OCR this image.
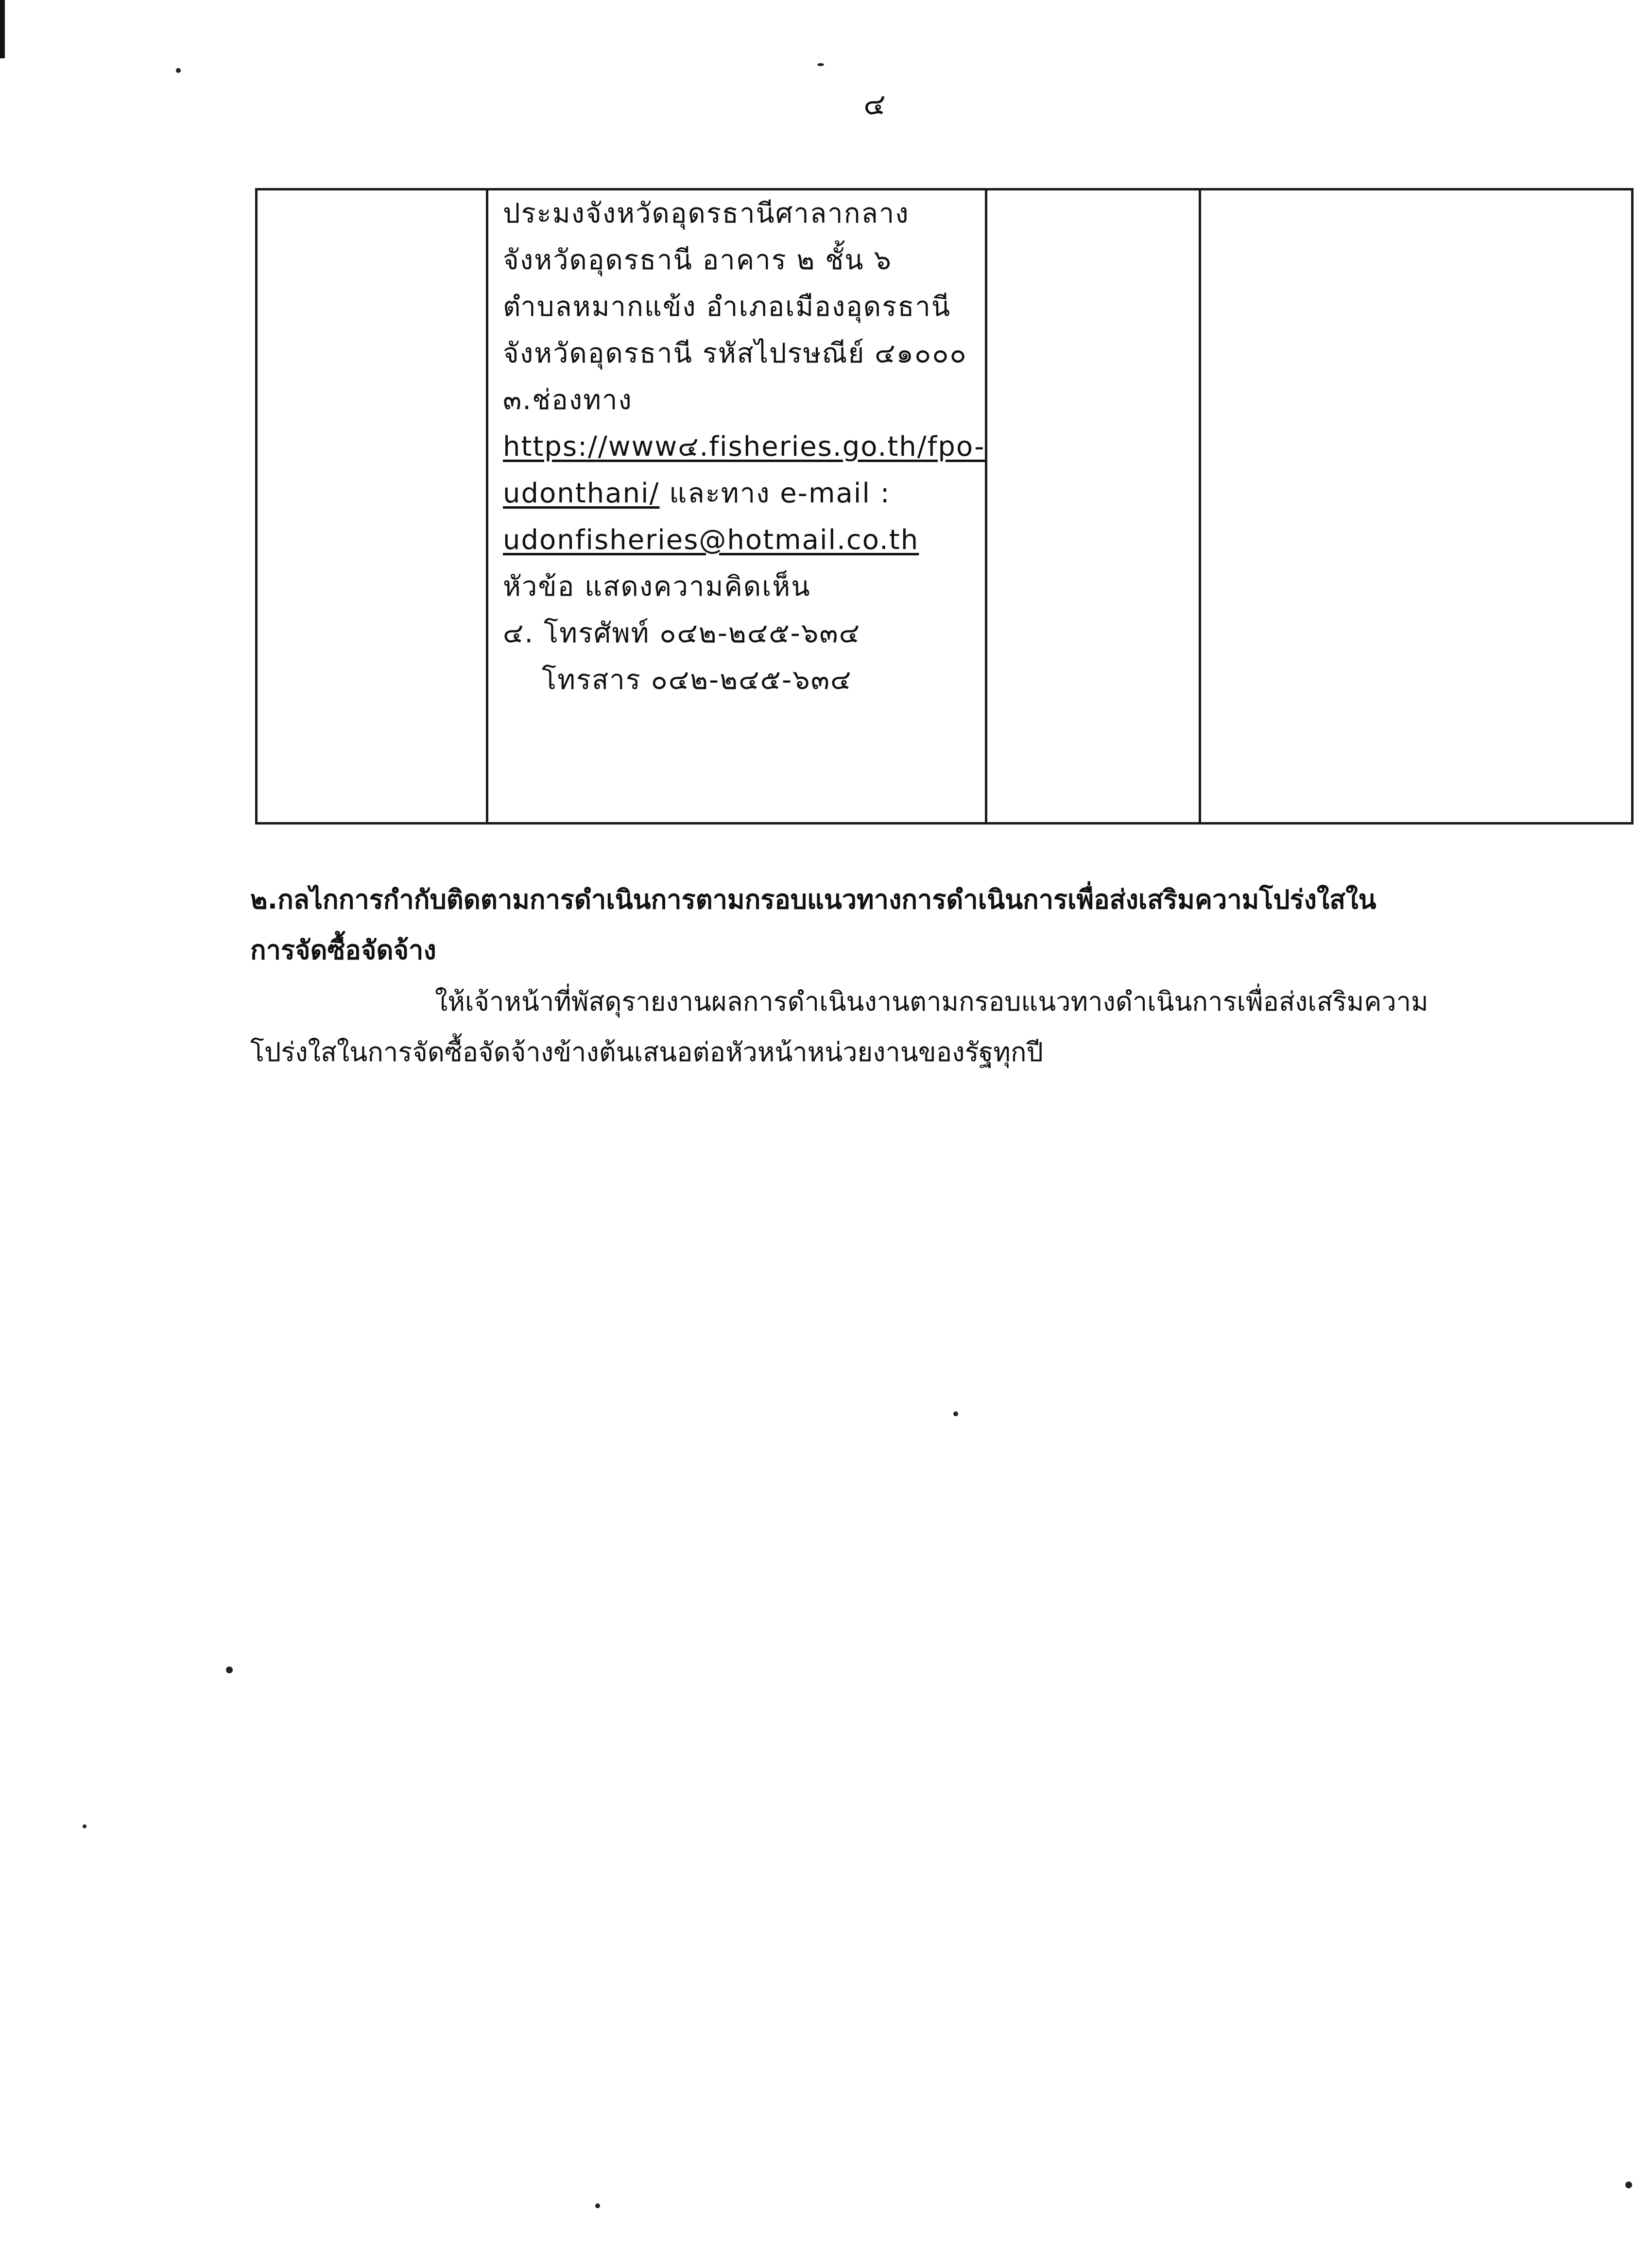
๔

ประมงจังหวัดอุดรธานีศาลากลาง
จังหวัดอุดรธานี อาคาร ๒ ชั้น ๖
ตำบลหมากแข้ง อำเภอเมืองอุดรธานี
จังหวัดอุดรธานี รหัสไปรษณีย์ ๔๑๐๐๐
๓.ช่องทาง
https://www๔.fisheries.go.th/fpo-
udonthani/ และทาง e-mail :
udonfisheries@hotmail.co.th
หัวข้อ แสดงความคิดเห็น
๔. โทรศัพท์ ๐๔๒-๒๔๕-๖๓๔
โทรสาร ๐๔๒-๒๔๕-๖๓๔

๒.กลไกการกำกับติดตามการดำเนินการตามกรอบแนวทางการดำเนินการเพื่อส่งเสริมความโปร่งใสใน
การจัดซื้อจัดจ้าง
ให้เจ้าหน้าที่พัสดุรายงานผลการดำเนินงานตามกรอบแนวทางดำเนินการเพื่อส่งเสริมความ
โปร่งใสในการจัดซื้อจัดจ้างข้างต้นเสนอต่อหัวหน้าหน่วยงานของรัฐทุกปี
